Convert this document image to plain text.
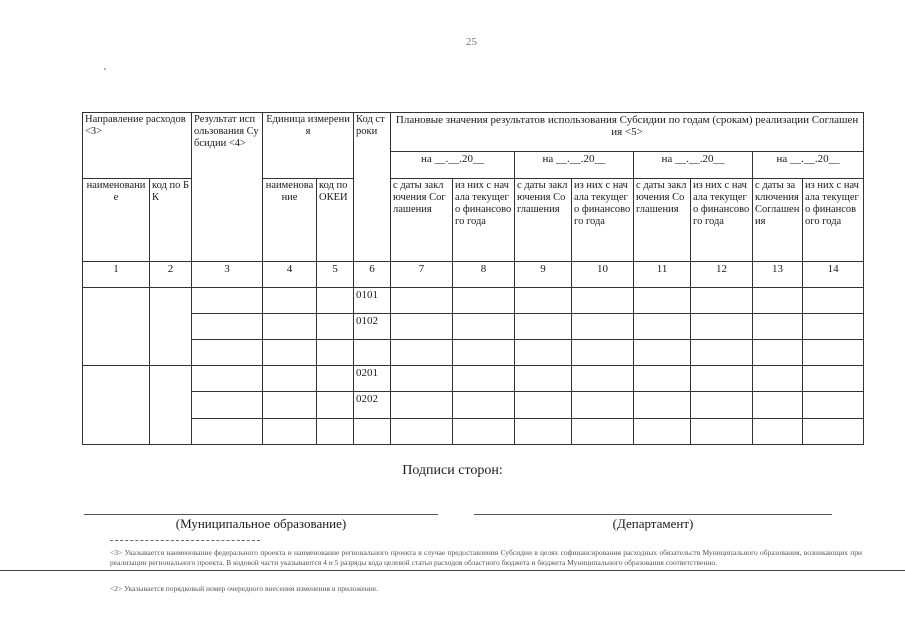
25
Направление расходов <3>		Результат использования Субсидии <4>	Единица измерения		Код строки	Плановые значения результатов использования Субсидии по годам (срокам) реализации Соглашения <5>							
						на __.__.20__		на __.__.20__		на __.__.20__		на __.__.20__	
наименование	код по БК		наименование	код по ОКЕИ		с даты заключения Соглашения	из них с начала текущего финансового года	с даты заключения Соглашения	из них с начала текущего финансового года	с даты заключения Соглашения	из них с начала текущего финансового года	с даты заключения Соглашения	из них с начала текущего финансового года
1	2	3	4	5	6	7	8	9	10	11	12	13	14
					0101								
					0102								

					0201								
					0202								

Подписи сторон:
(Муниципальное образование)	(Департамент)
<3> Указывается наименование федерального проекта и наименование регионального проекта в случае предоставления Субсидии в целях софинансирования расходных обязательств Муниципального образования, возникающих при реализации регионального проекта. В кодовой части указываются 4 и 5 разряды кода целевой статьи расходов областного бюджета и бюджета Муниципального образования соответственно.
<2> Указывается порядковый номер очередного внесения изменения в приложение.
